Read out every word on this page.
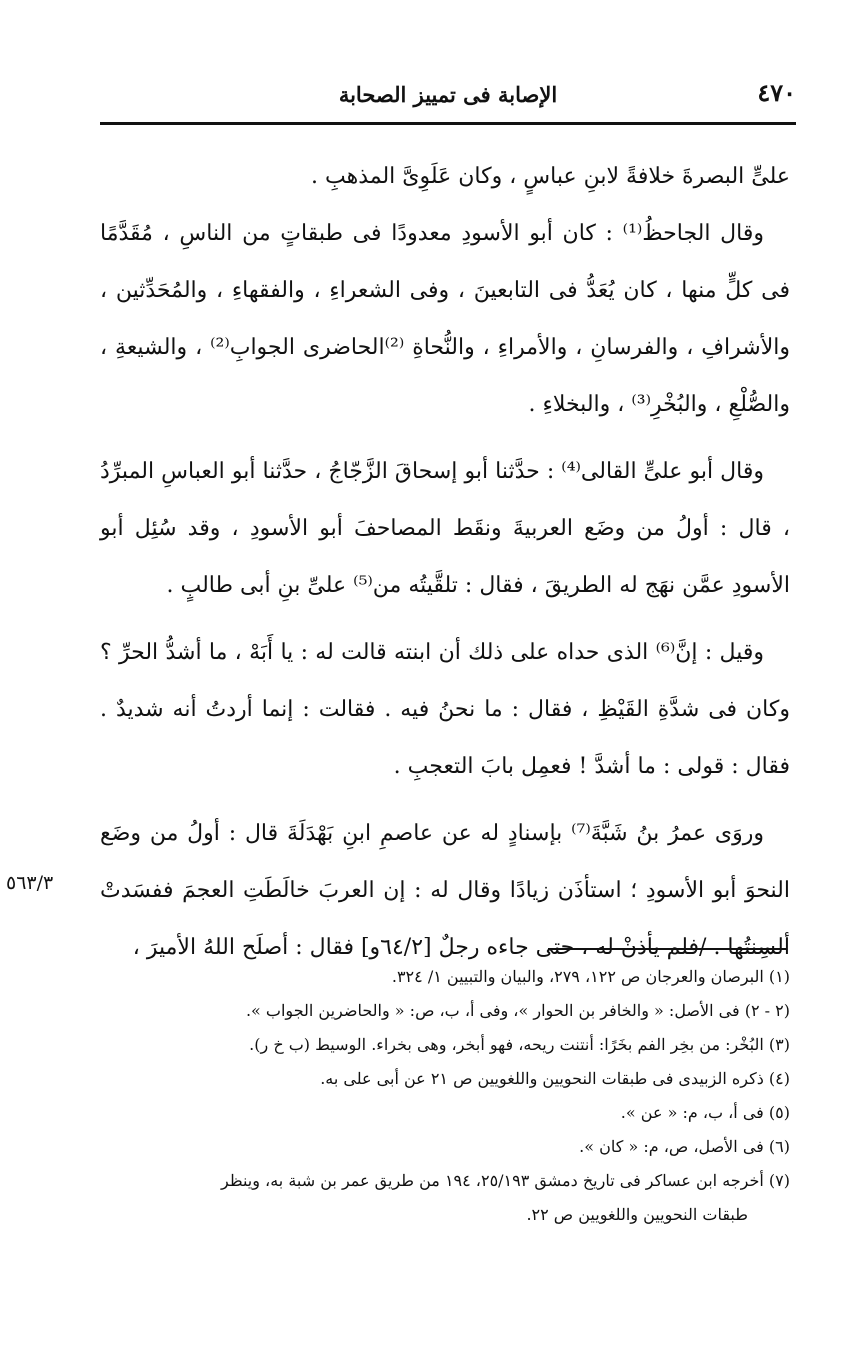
٤٧٠
الإصابة فى تمييز الصحابة

علىٍّ البصرةَ خلافةً لابنِ عباسٍ ، وكان عَلَوِىَّ المذهبِ .

وقال الجاحظُ⁽¹⁾ : كان أبو الأسودِ معدودًا فى طبقاتٍ من الناسِ ، مُقَدَّمًا فى كلٍّ منها ، كان يُعَدُّ فى التابعينَ ، وفى الشعراءِ ، والفقهاءِ ، والمُحَدِّثين ، والأشرافِ ، والفرسانِ ، والأمراءِ ، والنُّحاةِ ⁽²⁾الحاضرى الجوابِ⁽²⁾ ، والشيعةِ ، والصُّلْعِ ، والبُخْرِ⁽³⁾ ، والبخلاءِ .

وقال أبو علىٍّ القالى⁽⁴⁾ : حدَّثنا أبو إسحاقَ الزَّجّاجُ ، حدَّثنا أبو العباسِ المبرِّدُ ، قال : أولُ من وضَع العربيةَ ونقَط المصاحفَ أبو الأسودِ ، وقد سُئِل أبو الأسودِ عمَّن نهَج له الطريقَ ، فقال : تلقَّيتُه من⁽⁵⁾ علىِّ بنِ أبى طالبٍ .

وقيل : إنَّ⁽⁶⁾ الذى حداه على ذلك أن ابنته قالت له : يا أَبَهْ ، ما أشدُّ الحرِّ ؟ وكان فى شدَّةِ القَيْظِ ، فقال : ما نحنُ فيه . فقالت : إنما أردتُ أنه شديدٌ . فقال : قولى : ما أشدَّ ! فعمِل بابَ التعجبِ .

وروَى عمرُ بنُ شَبَّةَ⁽⁷⁾ بإسنادٍ له عن عاصمِ ابنِ بَهْدَلَةَ قال : أولُ من وضَع النحوَ أبو الأسودِ ؛ استأذَن زيادًا وقال له : إن العربَ خالَطَتِ العجمَ ففسَدتْ ألسِنتُها . /فلم يأذنْ له ، حتى جاءه رجلٌ [٦٤/٢و] فقال : أصلَح اللهُ الأميرَ ،

٥٦٣/٣

(١) البرصان والعرجان ص ١٢٢، ٢٧٩، والبيان والتبيين ١/ ٣٢٤.

(٢ - ٢) فى الأصل: « والخافر بن الحوار »، وفى أ، ب، ص: « والحاضرين الجواب ».

(٣) البُخْر: من بخِر الفم بخَرًا: أنتنت ريحه، فهو أبخر، وهى بخراء. الوسيط (ب خ ر).

(٤) ذكره الزبيدى فى طبقات النحويين واللغويين ص ٢١ عن أبى على به.

(٥) فى أ، ب، م: « عن ».

(٦) فى الأصل، ص، م: « كان ».

(٧) أخرجه ابن عساكر فى تاريخ دمشق ٢٥/١٩٣، ١٩٤ من طريق عمر بن شبة به، وينظر

طبقات النحويين واللغويين ص ٢٢.
